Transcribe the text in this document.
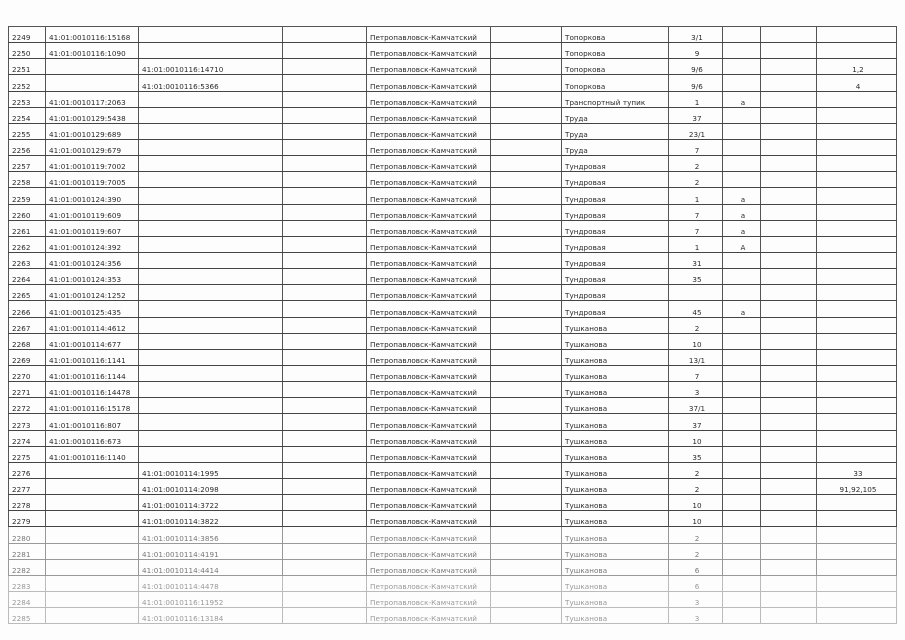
2249	41:01:0010116:15168			Петропавловск-Камчатский		Топоркова	3/1			
2250	41:01:0010116:1090			Петропавловск-Камчатский		Топоркова	9			
2251		41:01:0010116:14710		Петропавловск-Камчатский		Топоркова	9/6			1,2
2252		41:01:0010116:5366		Петропавловск-Камчатский		Топоркова	9/6			4
2253	41:01:0010117:2063			Петропавловск-Камчатский		Транспортный тупик	1	а		
2254	41:01:0010129:5438			Петропавловск-Камчатский		Труда	37			
2255	41:01:0010129:689			Петропавловск-Камчатский		Труда	23/1			
2256	41:01:0010129:679			Петропавловск-Камчатский		Труда	7			
2257	41:01:0010119:7002			Петропавловск-Камчатский		Тундровая	2			
2258	41:01:0010119:7005			Петропавловск-Камчатский		Тундровая	2			
2259	41:01:0010124:390			Петропавловск-Камчатский		Тундровая	1	а		
2260	41:01:0010119:609			Петропавловск-Камчатский		Тундровая	7	а		
2261	41:01:0010119:607			Петропавловск-Камчатский		Тундровая	7	а		
2262	41:01:0010124:392			Петропавловск-Камчатский		Тундровая	1	А		
2263	41:01:0010124:356			Петропавловск-Камчатский		Тундровая	31			
2264	41:01:0010124:353			Петропавловск-Камчатский		Тундровая	35			
2265	41:01:0010124:1252			Петропавловск-Камчатский		Тундровая				
2266	41:01:0010125:435			Петропавловск-Камчатский		Тундровая	45	а		
2267	41:01:0010114:4612			Петропавловск-Камчатский		Тушканова	2			
2268	41:01:0010114:677			Петропавловск-Камчатский		Тушканова	10			
2269	41:01:0010116:1141			Петропавловск-Камчатский		Тушканова	13/1			
2270	41:01:0010116:1144			Петропавловск-Камчатский		Тушканова	7			
2271	41:01:0010116:14478			Петропавловск-Камчатский		Тушканова	3			
2272	41:01:0010116:15178			Петропавловск-Камчатский		Тушканова	37/1			
2273	41:01:0010116:807			Петропавловск-Камчатский		Тушканова	37			
2274	41:01:0010116:673			Петропавловск-Камчатский		Тушканова	10			
2275	41:01:0010116:1140			Петропавловск-Камчатский		Тушканова	35			
2276		41:01:0010114:1995		Петропавловск-Камчатский		Тушканова	2			33
2277		41:01:0010114:2098		Петропавловск-Камчатский		Тушканова	2			91,92,105
2278		41:01:0010114:3722		Петропавловск-Камчатский		Тушканова	10			
2279		41:01:0010114:3822		Петропавловск-Камчатский		Тушканова	10			
2280		41:01:0010114:3856		Петропавловск-Камчатский		Тушканова	2			
2281		41:01:0010114:4191		Петропавловск-Камчатский		Тушканова	2			
2282		41:01:0010114:4414		Петропавловск-Камчатский		Тушканова	6			
2283		41:01:0010114:4478		Петропавловск-Камчатский		Тушканова	6			
2284		41:01:0010116:11952		Петропавловск-Камчатский		Тушканова	3			
2285		41:01:0010116:13184		Петропавловск-Камчатский		Тушканова	3			
